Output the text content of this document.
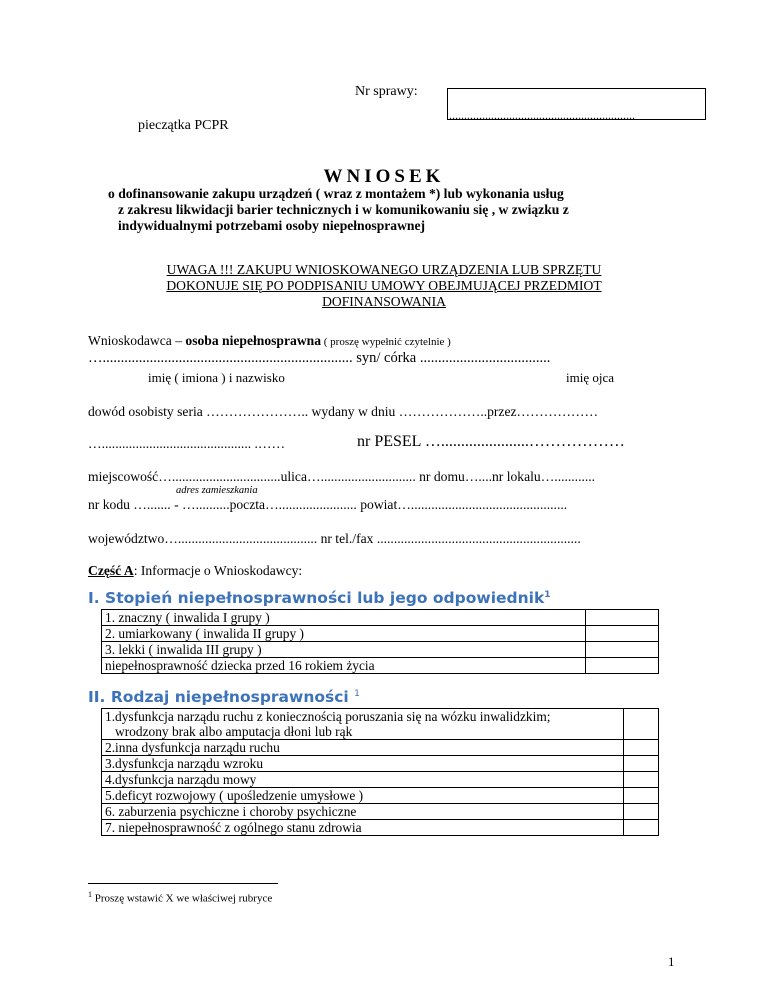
Nr sprawy:
..............................................................
pieczątka PCPR
WNIOSEK
o dofinansowanie zakupu urządzeń ( wraz z montażem *) lub wykonania usług
z zakresu likwidacji barier technicznych i w komunikowaniu się , w związku z
indywidualnymi potrzebami osoby niepełnosprawnej
UWAGA !!! ZAKUPU WNIOSKOWANEGO URZĄDZENIA LUB SPRZĘTU
DOKONUJE SIĘ PO PODPISANIU UMOWY OBEJMUJĄCEJ PRZEDMIOT
DOFINANSOWANIA
Wnioskodawca – osoba niepełnosprawna ( proszę wypełnić czytelnie )
…..................................................................... syn/ córka ....................................
imię ( imiona ) i nazwisko	imię ojca
dowód osobisty seria ………………….. wydany w dniu ………………..przez………………
…............................................ .……	nr PESEL …......................………………
miejscowość…................................ulica…............................ nr domu…....nr lokalu…............
adres zamieszkania
nr kodu …....... - …..........poczta…....................... powiat…..............................................
województwo…......................................... nr tel./fax ............................................................
Część A: Informacje o Wnioskodawcy:
I. Stopień niepełnosprawności lub jego odpowiednik$^1$
1. znaczny ( inwalida I grupy )	
2. umiarkowany ( inwalida II grupy )	
3. lekki ( inwalida III grupy )	
niepełnosprawność dziecka przed 16 rokiem życia	
II. Rodzaj niepełnosprawności $^1$
1.dysfunkcja narządu ruchu z koniecznością poruszania się na wózku inwalidzkim;
wrodzony brak albo amputacja dłoni lub rąk	
2.inna dysfunkcja narządu ruchu	
3.dysfunkcja narządu wzroku	
4.dysfunkcja narządu mowy	
5.deficyt rozwojowy ( upośledzenie umysłowe )	
6. zaburzenia psychiczne i choroby psychiczne	
7. niepełnosprawność z ogólnego stanu zdrowia	
$^1$ Proszę wstawić X we właściwej rubryce
1
